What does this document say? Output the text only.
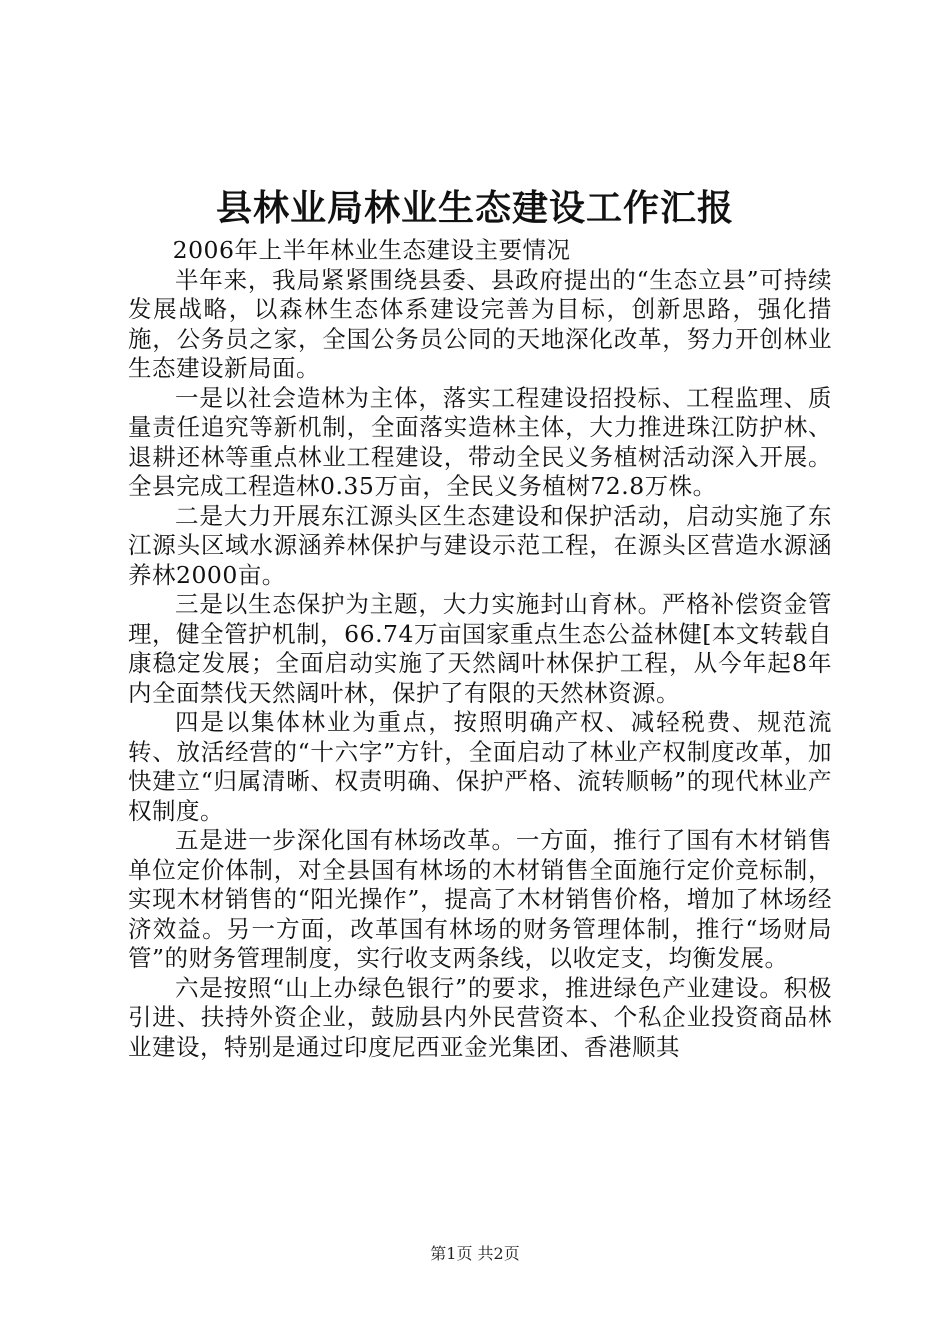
县林业局林业生态建设工作汇报

2006年上半年林业生态建设主要情况

半年来，我局紧紧围绕县委、县政府提出的“生态立县”可持续发展战略，以森林生态体系建设完善为目标，创新思路，强化措施，公务员之家，全国公务员公同的天地深化改革，努力开创林业生态建设新局面。

一是以社会造林为主体，落实工程建设招投标、工程监理、质量责任追究等新机制，全面落实造林主体，大力推进珠江防护林、退耕还林等重点林业工程建设，带动全民义务植树活动深入开展。全县完成工程造林0.35万亩，全民义务植树72.8万株。

二是大力开展东江源头区生态建设和保护活动，启动实施了东江源头区域水源涵养林保护与建设示范工程，在源头区营造水源涵养林2000亩。

三是以生态保护为主题，大力实施封山育林。严格补偿资金管理，健全管护机制，66.74万亩国家重点生态公益林健[本文转载自康稳定发展；全面启动实施了天然阔叶林保护工程，从今年起8年内全面禁伐天然阔叶林，保护了有限的天然林资源。

四是以集体林业为重点，按照明确产权、减轻税费、规范流转、放活经营的“十六字”方针，全面启动了林业产权制度改革，加快建立“归属清晰、权责明确、保护严格、流转顺畅”的现代林业产权制度。

五是进一步深化国有林场改革。一方面，推行了国有木材销售单位定价体制，对全县国有林场的木材销售全面施行定价竞标制，实现木材销售的“阳光操作”，提高了木材销售价格，增加了林场经济效益。另一方面，改革国有林场的财务管理体制，推行“场财局管”的财务管理制度，实行收支两条线，以收定支，均衡发展。

六是按照“山上办绿色银行”的要求，推进绿色产业建设。积极引进、扶持外资企业，鼓励县内外民营资本、个私企业投资商品林业建设，特别是通过印度尼西亚金光集团、香港顺其

第1页 共2页
